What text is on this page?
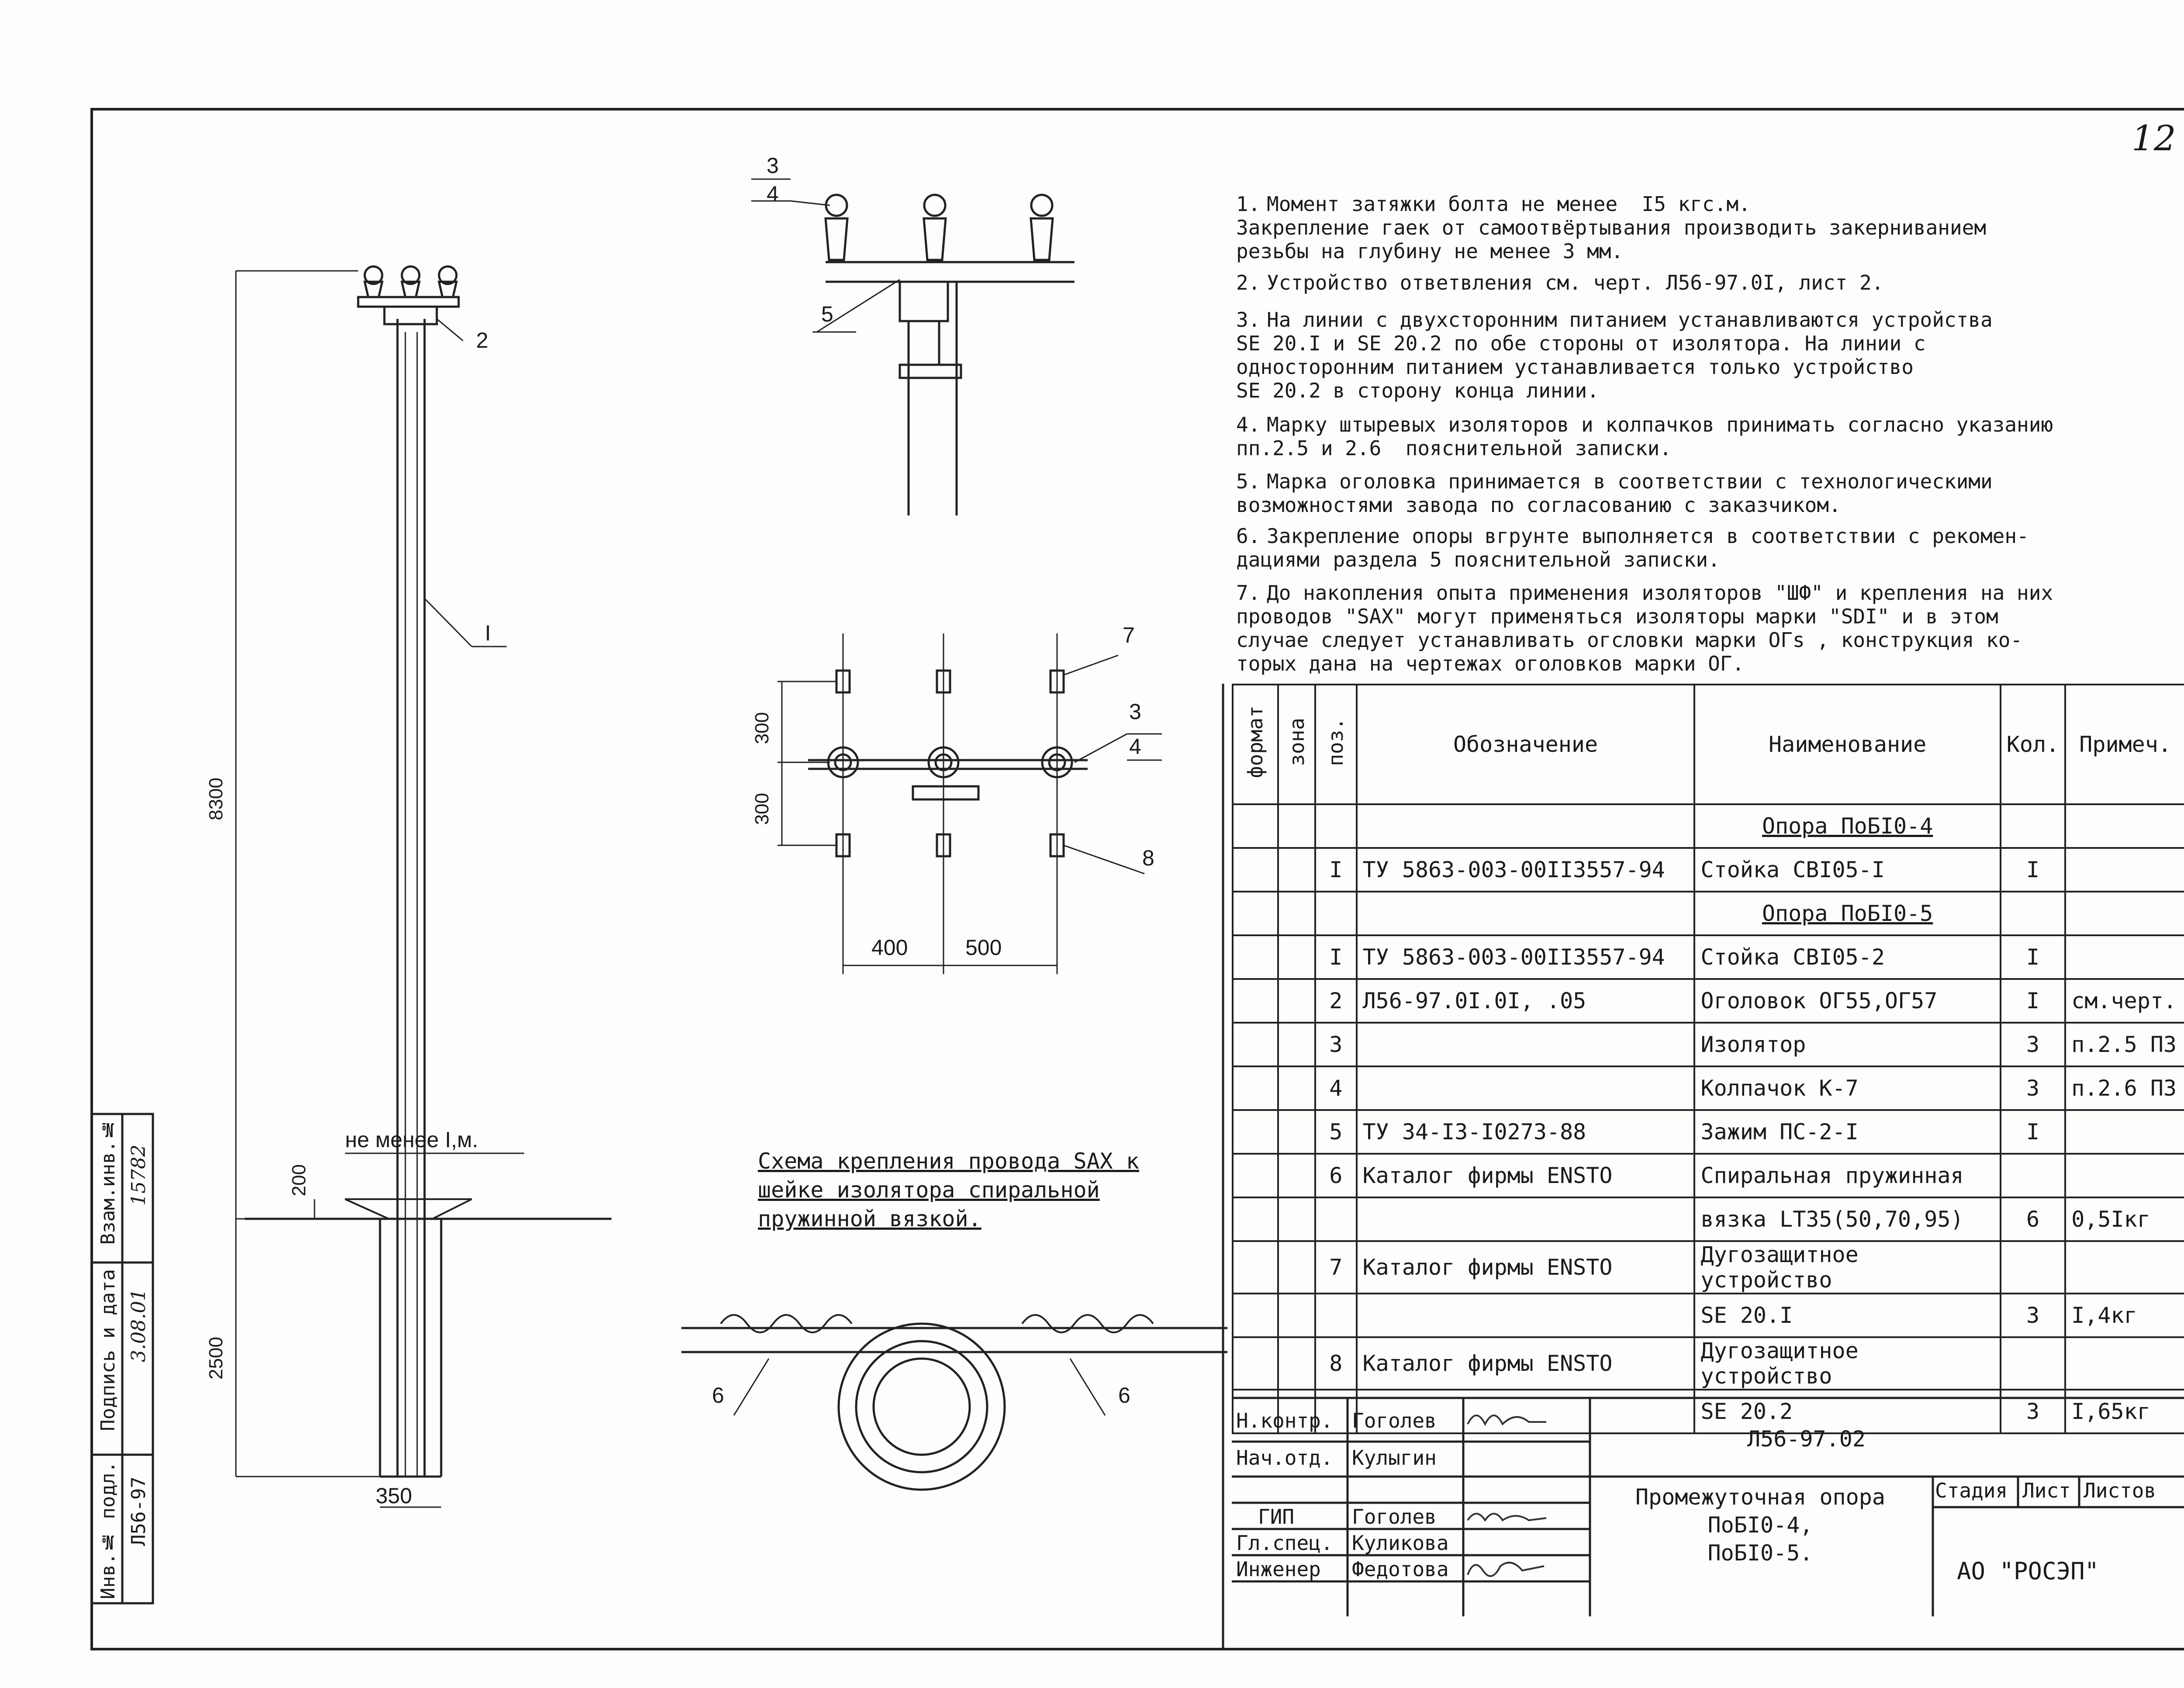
12
1. Момент затяжки болта не менее  I5 кгс.м.
Закрепление гаек от самоотвёртывания производить закерниванием
резьбы на глубину не менее 3 мм.
2. Устройство ответвления см. черт. Л56-97.0I, лист 2.
3. На линии с двухсторонним питанием устанавливаются устройства
SE 20.I и SE 20.2 по обе стороны от изолятора. На линии с
односторонним питанием устанавливается только устройство
SE 20.2 в сторону конца линии.
4. Марку штыревых изоляторов и колпачков принимать согласно указанию
пп.2.5 и 2.6  пояснительной записки.
5. Марка оголовка принимается в соответствии с технологическими
возможностями завода по согласованию с заказчиком.
6. Закрепление опоры вгрунте выполняется в соответствии с рекомен-
дациями раздела 5 пояснительной записки.
7. До накопления опыта применения изоляторов "ШФ" и крепления на них
проводов "SAX" могут применяться изоляторы марки "SDI" и в этом
случае следует устанавливать огсловки марки ОГs , конструкция ко-
торых дана на чертежах оголовков марки ОГ.
формат	зона	поз.	Обозначение	Наименование	Кол.	Примеч.
				Опора ПоБI0-4		
		I	ТУ 5863-003-00II3557-94	Стойка СВI05-I	I	
				Опора ПоБI0-5		
		I	ТУ 5863-003-00II3557-94	Стойка СВI05-2	I	
		2	Л56-97.0I.0I, .05	Оголовок ОГ55,ОГ57	I	см.черт.
		3		Изолятор	3	п.2.5 ПЗ
		4		Колпачок К-7	3	п.2.6 ПЗ
		5	ТУ 34-I3-I0273-88	Зажим ПС-2-I	I	
		6	Каталог фирмы ENSTO	Спиральная пружинная		
				вязка LT35(50,70,95)	6	0,5Iкг
		7	Каталог фирмы ENSTO	Дугозащитное устройство		
				SE 20.I	3	I,4кг
		8	Каталог фирмы ENSTO	Дугозащитное устройство		
				SE 20.2	3	I,65кг
Н.контр. Гоголев
Нач.отд. Кулыгин
ГИП	Гоголев
Гл.спец. Куликова
Инженер Федотова
Л56-97.02
Промежуточная опора
ПоБI0-4,
ПоБI0-5.
Стадия Лист Листов
АО "РОСЭП"
Инв.№ подл.
Подпись и дата
Взам.инв.№
Л56-97
3.08.01
15782
8300
2500
200
не менее I,м.
350
300
300
400	500
2
I
3
4
5
7
3
4
8
6	6
Схема крепления провода SAX к
шейке изолятора спиральной
пружинной вязкой.
